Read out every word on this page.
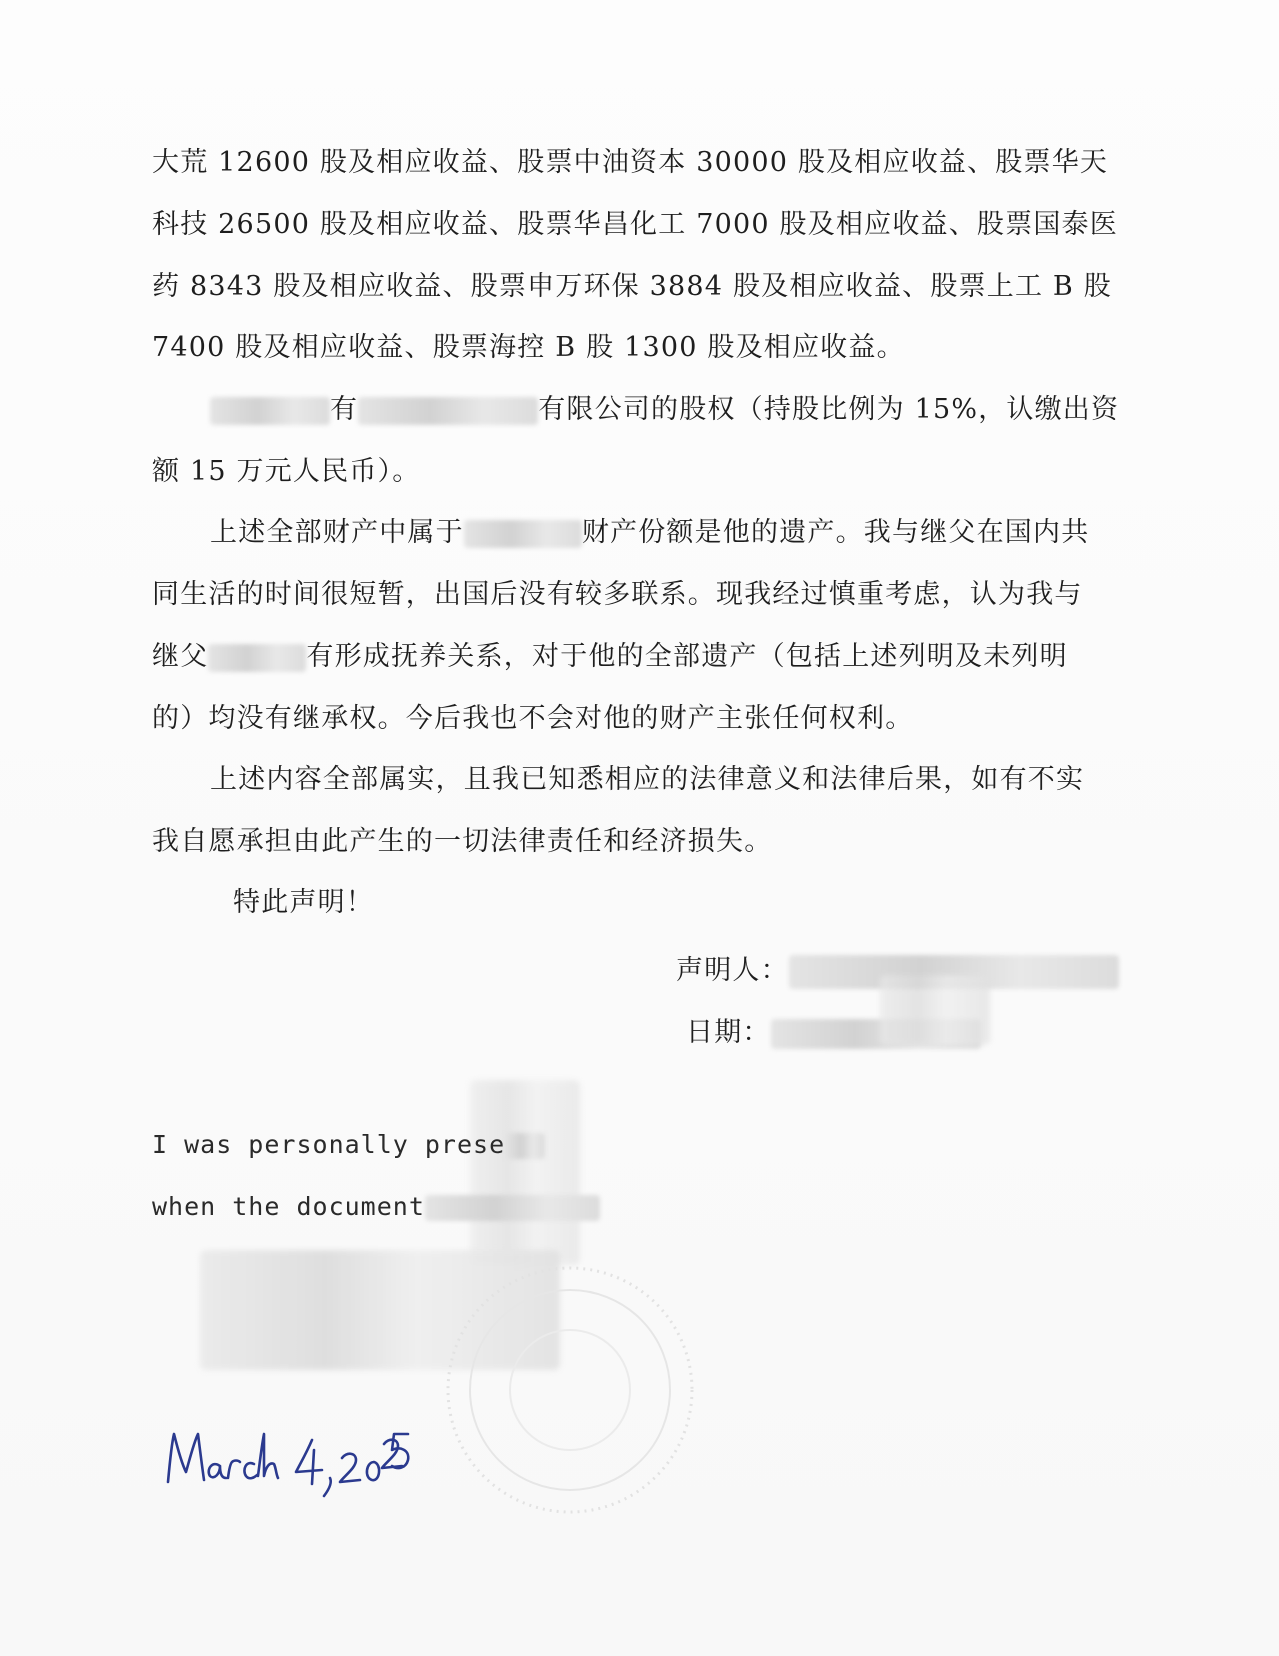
大荒 12600 股及相应收益、股票中油资本 30000 股及相应收益、股票华天
科技 26500 股及相应收益、股票华昌化工 7000 股及相应收益、股票国泰医
药 8343 股及相应收益、股票申万环保 3884 股及相应收益、股票上工 B 股
7400 股及相应收益、股票海控 B 股 1300 股及相应收益。
有	有限公司的股权（持股比例为 15%，认缴出资
额 15 万元人民币）。
上述全部财产中属于	财产份额是他的遗产。我与继父在国内共
同生活的时间很短暂，出国后没有较多联系。现我经过慎重考虑，认为我与
继父	有形成抚养关系，对于他的全部遗产（包括上述列明及未列明
的）均没有继承权。今后我也不会对他的财产主张任何权利。
上述内容全部属实，且我已知悉相应的法律意义和法律后果，如有不实
我自愿承担由此产生的一切法律责任和经济损失。
特此声明！
声明人：
日期：
I was personally prese
when the document
